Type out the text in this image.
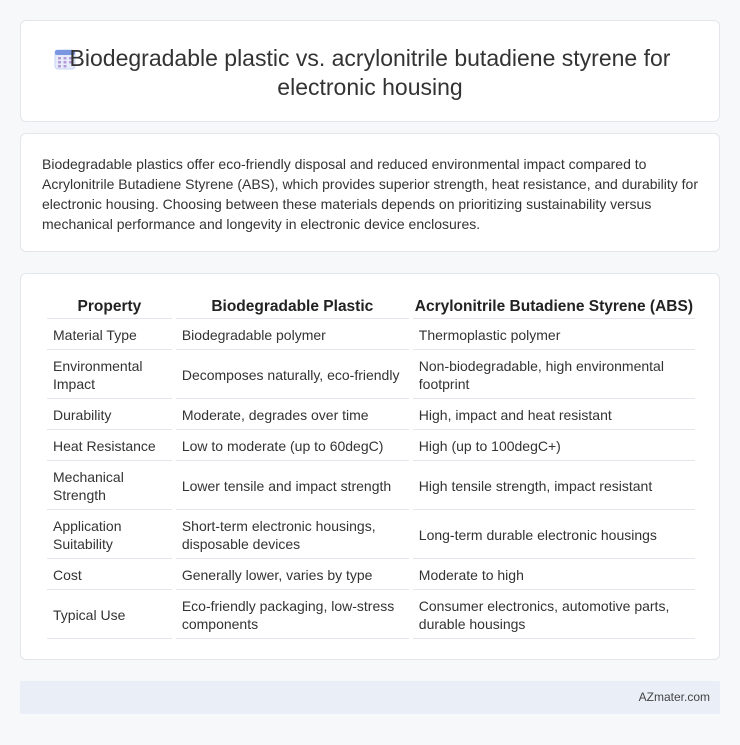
Biodegradable plastic vs. acrylonitrile butadiene styrene for electronic housing

Biodegradable plastics offer eco-friendly disposal and reduced environmental impact compared to Acrylonitrile Butadiene Styrene (ABS), which provides superior strength, heat resistance, and durability for electronic housing. Choosing between these materials depends on prioritizing sustainability versus mechanical performance and longevity in electronic device enclosures.

Property	Biodegradable Plastic	Acrylonitrile Butadiene Styrene (ABS)
Material Type	Biodegradable polymer	Thermoplastic polymer
Environmental Impact	Decomposes naturally, eco-friendly	Non-biodegradable, high environmental footprint
Durability	Moderate, degrades over time	High, impact and heat resistant
Heat Resistance	Low to moderate (up to 60degC)	High (up to 100degC+)
Mechanical Strength	Lower tensile and impact strength	High tensile strength, impact resistant
Application Suitability	Short-term electronic housings, disposable devices	Long-term durable electronic housings
Cost	Generally lower, varies by type	Moderate to high
Typical Use	Eco-friendly packaging, low-stress components	Consumer electronics, automotive parts, durable housings
AZmater.com
